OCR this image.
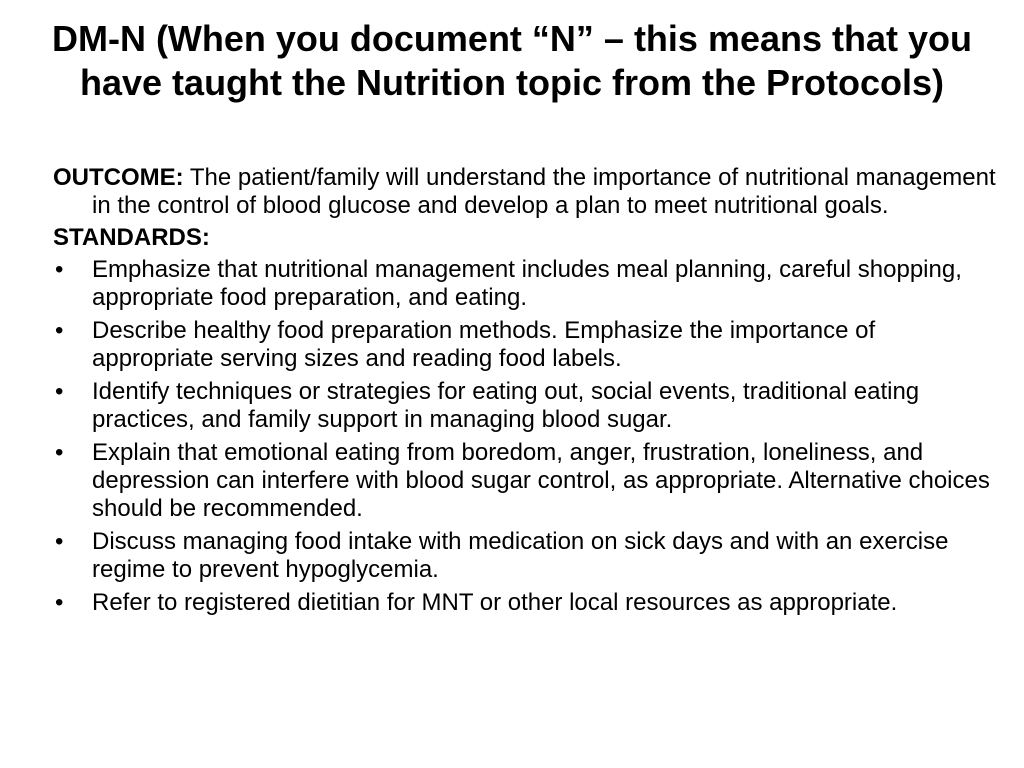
DM-N (When you document “N” – this means that you have taught the Nutrition topic from the Protocols)

OUTCOME: The patient/family will understand the importance of nutritional management in the control of blood glucose and develop a plan to meet nutritional goals.

STANDARDS:

• Emphasize that nutritional management includes meal planning, careful shopping, appropriate food preparation, and eating.
• Describe healthy food preparation methods. Emphasize the importance of appropriate serving sizes and reading food labels.
• Identify techniques or strategies for eating out, social events, traditional eating practices, and family support in managing blood sugar.
• Explain that emotional eating from boredom, anger, frustration, loneliness, and depression can interfere with blood sugar control, as appropriate. Alternative choices should be recommended.
• Discuss managing food intake with medication on sick days and with an exercise regime to prevent hypoglycemia.
• Refer to registered dietitian for MNT or other local resources as appropriate.
